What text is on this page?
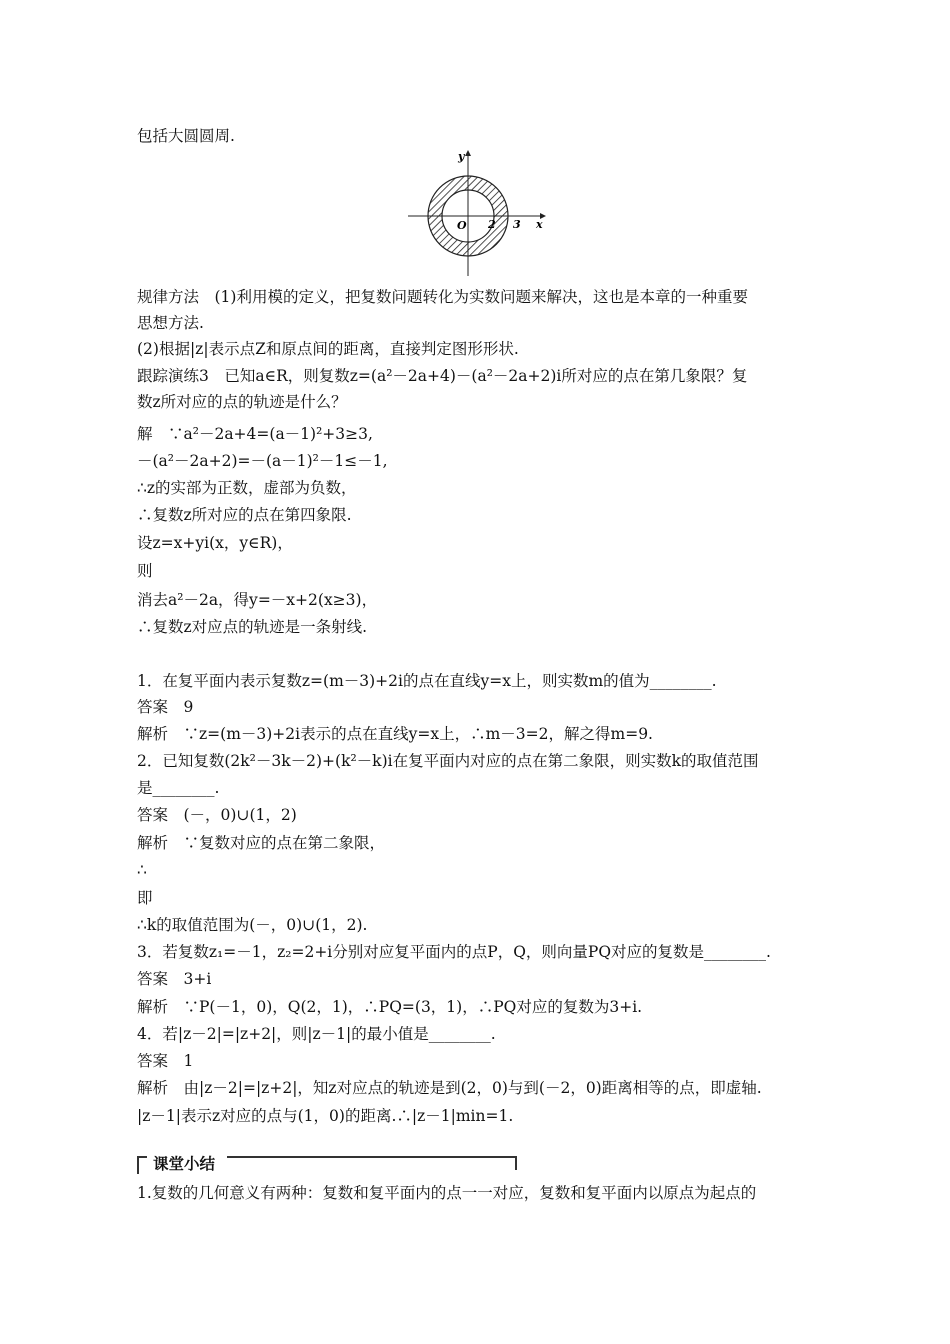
包括大圆圆周.
y
x
O 2 3
规律方法　(1)利用模的定义，把复数问题转化为实数问题来解决，这也是本章的一种重要
思想方法.
(2)根据|z|表示点Z和原点间的距离，直接判定图形形状.
跟踪演练3　已知a∈R，则复数z=(a²－2a+4)－(a²－2a+2)i所对应的点在第几象限？复
数z所对应的点的轨迹是什么？
解　∵a²－2a+4=(a－1)²+3≥3,
－(a²－2a+2)=－(a－1)²－1≤－1,
∴z的实部为正数，虚部为负数，
∴复数z所对应的点在第四象限.
设z=x+yi(x，y∈R)，
则
消去a²－2a，得y=－x+2(x≥3)，
∴复数z对应点的轨迹是一条射线.
1．在复平面内表示复数z=(m－3)+2i的点在直线y=x上，则实数m的值为________.
答案　9
解析　∵z=(m－3)+2i表示的点在直线y=x上，∴m－3=2，解之得m=9.
2．已知复数(2k²－3k－2)+(k²－k)i在复平面内对应的点在第二象限，则实数k的取值范围
是________.
答案　(－，0)∪(1，2)
解析　∵复数对应的点在第二象限，
∴
即
∴k的取值范围为(－，0)∪(1，2).
3．若复数z₁=－1，z₂=2+i分别对应复平面内的点P，Q，则向量PQ对应的复数是________.
答案　3+i
解析　∵P(－1，0)，Q(2，1)，∴PQ=(3，1)，∴PQ对应的复数为3+i.
4．若|z－2|=|z+2|，则|z－1|的最小值是________.
答案　1
解析　由|z－2|=|z+2|，知z对应点的轨迹是到(2，0)与到(－2，0)距离相等的点，即虚轴.
|z－1|表示z对应的点与(1，0)的距离.∴|z－1|min=1.
课堂小结
1.复数的几何意义有两种：复数和复平面内的点一一对应，复数和复平面内以原点为起点的
